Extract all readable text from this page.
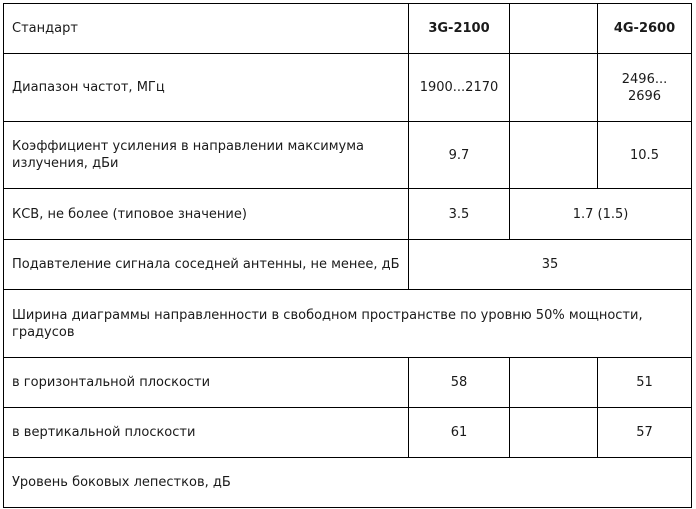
Стандарт	3G-2100		4G-2600
Диапазон частот, МГц	1900...2170		2496...
2696
Коэффициент усиления в направлении максимума излучения, дБи	9.7		10.5
КСВ, не более (типовое значение)	3.5	1.7 (1.5)	
Подавтеление сигнала соседней антенны, не менее, дБ	35		
Ширина диаграммы направленности в свободном пространстве по уровню 50% мощности, градусов			
в горизонтальной плоскости	58		51
в вертикальной плоскости	61		57
Уровень боковых лепестков, дБ			
